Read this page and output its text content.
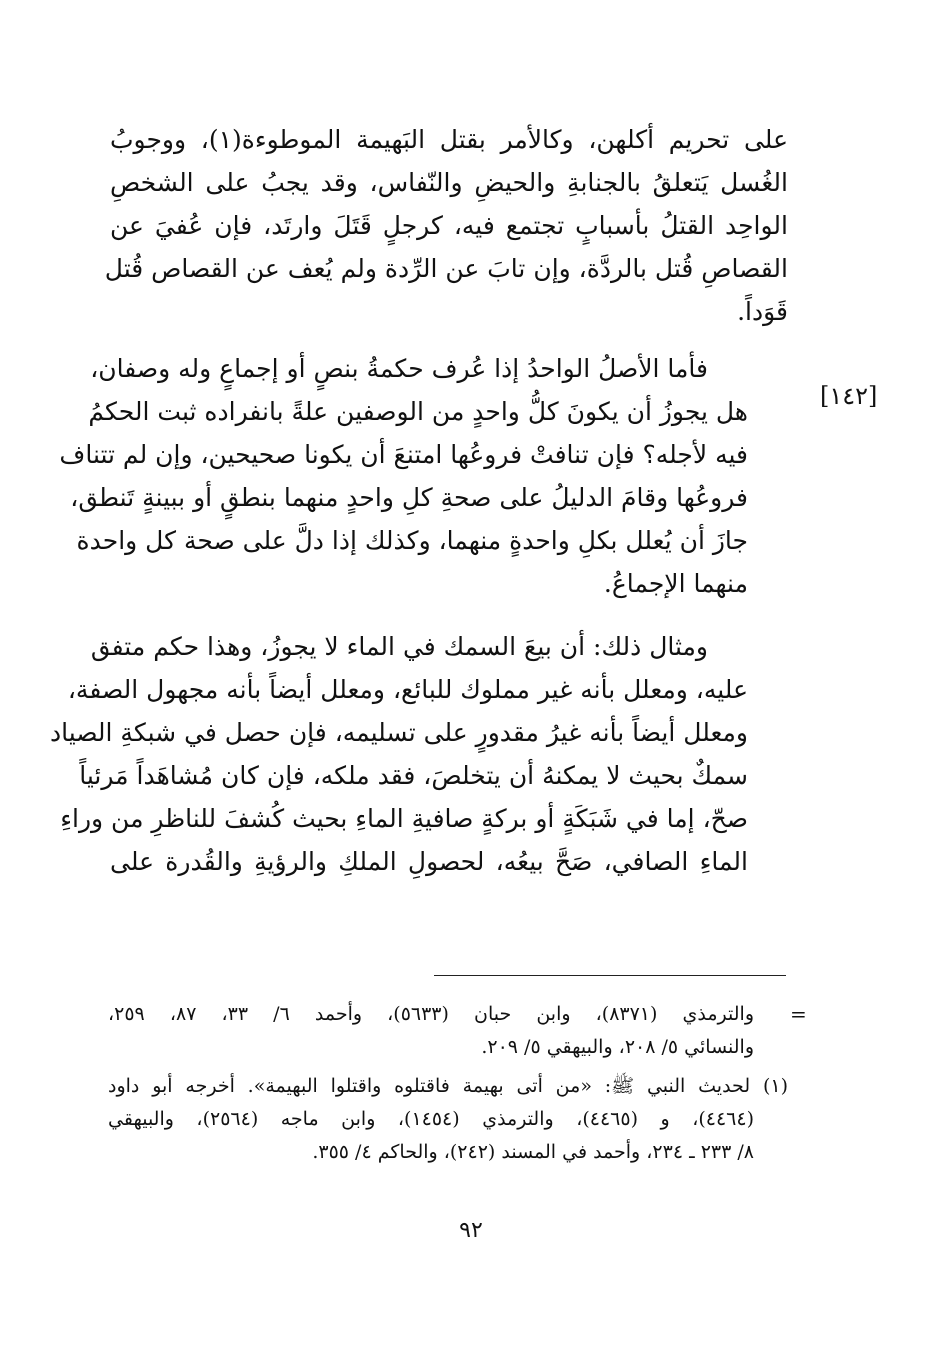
على تحريم أكلهن، وكالأمر بقتل البَهيمة الموطوءة(١)، ووجوبُ
الغُسل يَتعلقُ بالجنابةِ والحيضِ والنّفاس، وقد يجبُ على الشخصِ
الواحِد القتلُ بأسبابٍ تجتمع فيه، كرجلٍ قَتَلَ وارتَد، فإن عُفيَ عن
القصاصِ قُتل بالردَّة، وإن تابَ عن الرِّدة ولم يُعف عن القصاص قُتل
قَوَداً.

فأما الأصلُ الواحدُ إذا عُرف حكمةُ بنصٍ أو إجماعٍ وله وصفان،
هل يجوزُ أن يكونَ كلُّ واحدٍ من الوصفين علةً بانفراده ثبت الحكمُ
فيه لأجله؟ فإن تنافتْ فروعُها امتنعَ أن يكونا صحيحين، وإن لم تتناف
فروعُها وقامَ الدليلُ على صحةِ كلِ واحدٍ منهما بنطقٍ أو ببينةٍ تَنطق،
جازَ أن يُعلل بكلِ واحدةٍ منهما، وكذلك إذا دلَّ على صحة كل واحدة
منهما الإجماعُ.

ومثال ذلك: أن بيعَ السمك في الماء لا يجوزُ، وهذا حكم متفق
عليه، ومعلل بأنه غير مملوك للبائع، ومعلل أيضاً بأنه مجهول الصفة،
ومعلل أيضاً بأنه غيرُ مقدورٍ على تسليمه، فإن حصل في شبكةِ الصياد
سمكٌ بحيث لا يمكنهُ أن يتخلصَ، فقد ملكه، فإن كان مُشاهَداً مَرئياً
صحّ، إما في شَبَكَةٍ أو بركةٍ صافيةِ الماءِ بحيث كُشفَ للناظرِ من وراءِ
الماءِ الصافي، صَحَّ بيعُه، لحصولِ الملكِ والرؤيةِ والقُدرة على

[١٤٢]
=
والترمذي (٨٣٧١)، وابن حبان (٥٦٣٣)، وأحمد ٦/ ٣٣، ٨٧، ٢٥٩،
والنسائي ٥/ ٢٠٨، والبيهقي ٥/ ٢٠٩.
(١) لحديث النبي ﷺ: «من أتى بهيمة فاقتلوه واقتلوا البهيمة». أخرجه أبو داود
(٤٤٦٤)، و (٤٤٦٥)، والترمذي (١٤٥٤)، وابن ماجه (٢٥٦٤)، والبيهقي
٨/ ٢٣٣ ـ ٢٣٤، وأحمد في المسند (٢٤٢)، والحاكم ٤/ ٣٥٥.
٩٢
